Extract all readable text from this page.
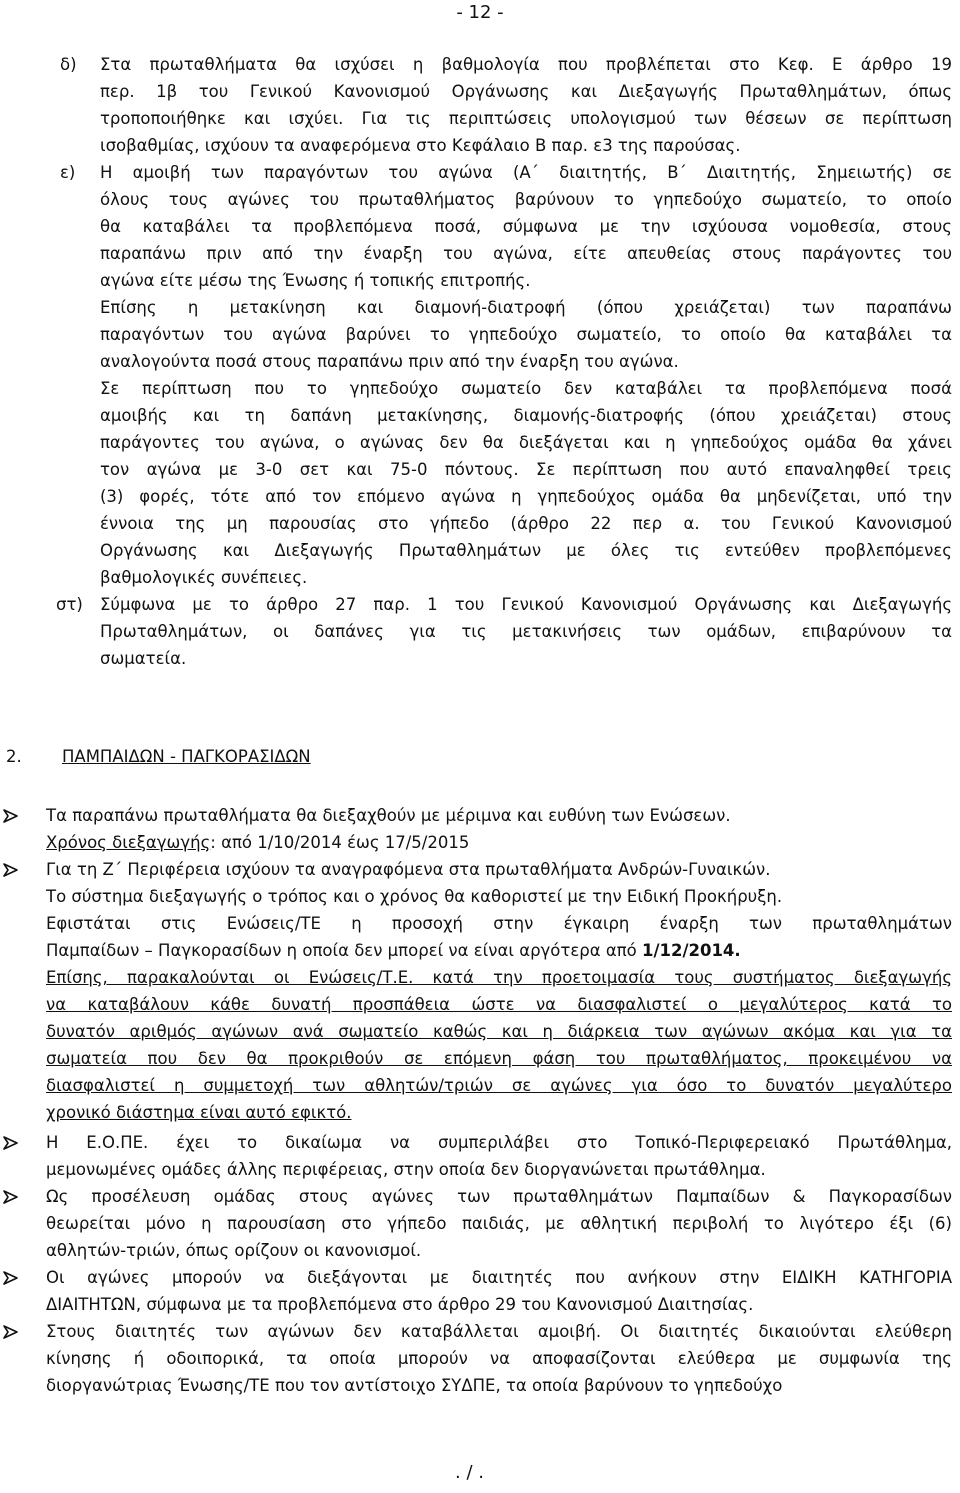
- 12 -
δ) Στα πρωταθλήματα θα ισχύσει η βαθμολογία που προβλέπεται στο Κεφ. Ε άρθρο 19
περ. 1β του Γενικού Κανονισμού Οργάνωσης και Διεξαγωγής Πρωταθλημάτων, όπως
τροποποιήθηκε και ισχύει. Για τις περιπτώσεις υπολογισμού των θέσεων σε περίπτωση
ισοβαθμίας, ισχύουν τα αναφερόμενα στο Κεφάλαιο Β παρ. ε3 της παρούσας.
ε) Η αμοιβή των παραγόντων του αγώνα (Α΄ διαιτητής, Β΄ Διαιτητής, Σημειωτής) σε
όλους τους αγώνες του πρωταθλήματος βαρύνουν το γηπεδούχο σωματείο, το οποίο
θα καταβάλει τα προβλεπόμενα ποσά, σύμφωνα με την ισχύουσα νομοθεσία, στους
παραπάνω πριν από την έναρξη του αγώνα, είτε απευθείας στους παράγοντες του
αγώνα είτε μέσω της Ένωσης ή τοπικής επιτροπής.
Επίσης η μετακίνηση και διαμονή-διατροφή (όπου χρειάζεται) των παραπάνω
παραγόντων του αγώνα βαρύνει το γηπεδούχο σωματείο, το οποίο θα καταβάλει τα
αναλογούντα ποσά στους παραπάνω πριν από την έναρξη του αγώνα.
Σε περίπτωση που το γηπεδούχο σωματείο δεν καταβάλει τα προβλεπόμενα ποσά
αμοιβής και τη δαπάνη μετακίνησης, διαμονής-διατροφής (όπου χρειάζεται) στους
παράγοντες του αγώνα, ο αγώνας δεν θα διεξάγεται και η γηπεδούχος ομάδα θα χάνει
τον αγώνα με 3-0 σετ και 75-0 πόντους. Σε περίπτωση που αυτό επαναληφθεί τρεις
(3) φορές, τότε από τον επόμενο αγώνα η γηπεδούχος ομάδα θα μηδενίζεται, υπό την
έννοια της μη παρουσίας στο γήπεδο (άρθρο 22 περ α. του Γενικού Κανονισμού
Οργάνωσης και Διεξαγωγής Πρωταθλημάτων με όλες τις εντεύθεν προβλεπόμενες
βαθμολογικές συνέπειες.
στ) Σύμφωνα με το άρθρο 27 παρ. 1 του Γενικού Κανονισμού Οργάνωσης και Διεξαγωγής
Πρωταθλημάτων, οι δαπάνες για τις μετακινήσεις των ομάδων, επιβαρύνουν τα
σωματεία.
2. ΠΑΜΠΑΙΔΩΝ - ΠΑΓΚΟΡΑΣΙΔΩΝ
Τα παραπάνω πρωταθλήματα θα διεξαχθούν με μέριμνα και ευθύνη των Ενώσεων.
Χρόνος διεξαγωγής: από 1/10/2014 έως 17/5/2015
Για τη Ζ΄ Περιφέρεια ισχύουν τα αναγραφόμενα στα πρωταθλήματα Ανδρών-Γυναικών.
Το σύστημα διεξαγωγής ο τρόπος και ο χρόνος θα καθοριστεί με την Ειδική Προκήρυξη.
Εφιστάται στις Ενώσεις/ΤΕ η προσοχή στην έγκαιρη έναρξη των πρωταθλημάτων
Παμπαίδων – Παγκορασίδων η οποία δεν μπορεί να είναι αργότερα από 1/12/2014.
Επίσης, παρακαλούνται οι Ενώσεις/Τ.Ε. κατά την προετοιμασία τους συστήματος διεξαγωγής
να καταβάλουν κάθε δυνατή προσπάθεια ώστε να διασφαλιστεί ο μεγαλύτερος κατά το
δυνατόν αριθμός αγώνων ανά σωματείο καθώς και η διάρκεια των αγώνων ακόμα και για τα
σωματεία που δεν θα προκριθούν σε επόμενη φάση του πρωταθλήματος, προκειμένου να
διασφαλιστεί η συμμετοχή των αθλητών/τριών σε αγώνες για όσο το δυνατόν μεγαλύτερο
χρονικό διάστημα είναι αυτό εφικτό.
Η Ε.Ο.ΠΕ. έχει το δικαίωμα να συμπεριλάβει στο Τοπικό-Περιφερειακό Πρωτάθλημα,
μεμονωμένες ομάδες άλλης περιφέρειας, στην οποία δεν διοργανώνεται πρωτάθλημα.
Ως προσέλευση ομάδας στους αγώνες των πρωταθλημάτων Παμπαίδων & Παγκορασίδων
θεωρείται μόνο η παρουσίαση στο γήπεδο παιδιάς, με αθλητική περιβολή το λιγότερο έξι (6)
αθλητών-τριών, όπως ορίζουν οι κανονισμοί.
Οι αγώνες μπορούν να διεξάγονται με διαιτητές που ανήκουν στην ΕΙΔΙΚΗ ΚΑΤΗΓΟΡΙΑ
ΔΙΑΙΤΗΤΩΝ, σύμφωνα με τα προβλεπόμενα στο άρθρο 29 του Κανονισμού Διαιτησίας.
Στους διαιτητές των αγώνων δεν καταβάλλεται αμοιβή. Οι διαιτητές δικαιούνται ελεύθερη
κίνησης ή οδοιπορικά, τα οποία μπορούν να αποφασίζονται ελεύθερα με συμφωνία της
διοργανώτριας Ένωσης/ΤΕ που τον αντίστοιχο ΣΥΔΠΕ, τα οποία βαρύνουν το γηπεδούχο
. / .
